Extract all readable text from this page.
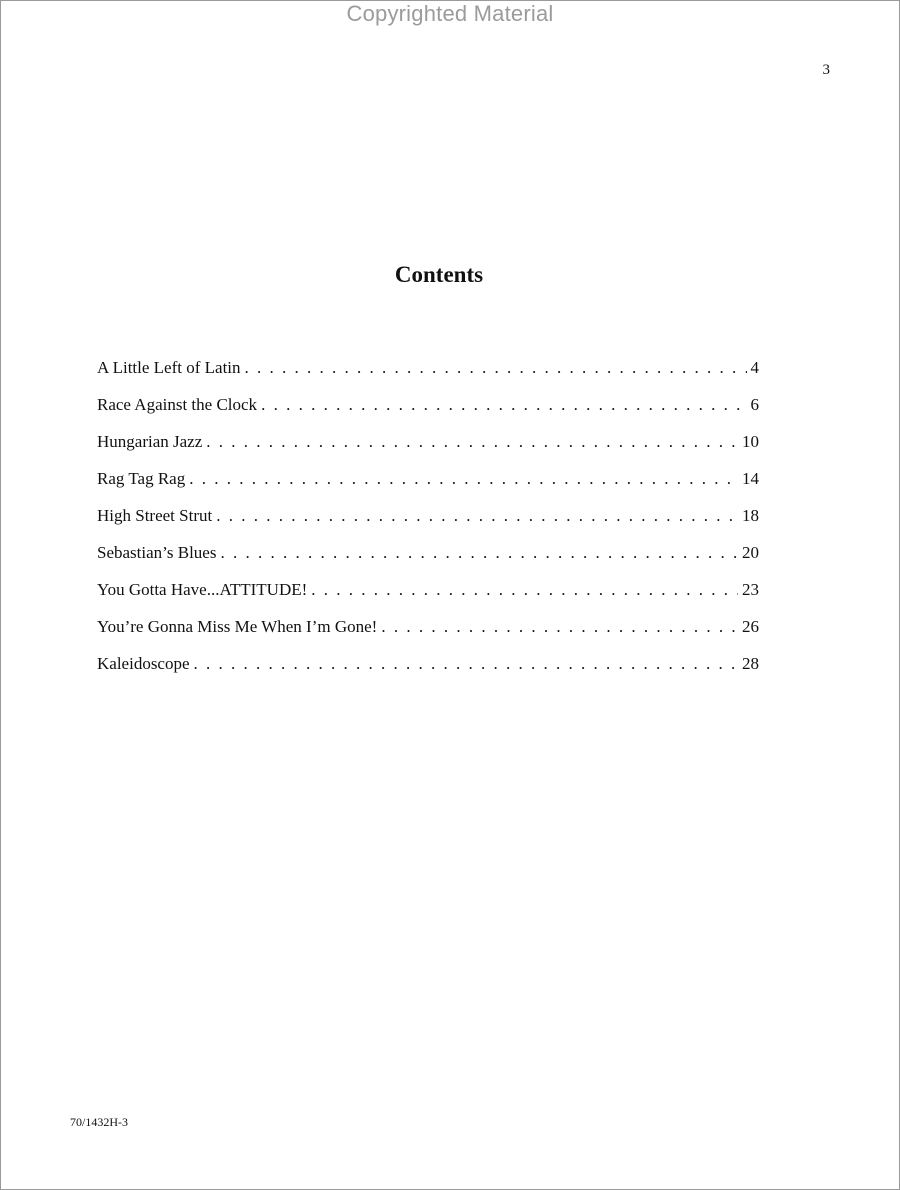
Copyrighted Material
3
Contents
A Little Left of Latin . . .	4
Race Against the Clock . . .	6
Hungarian Jazz . . .	10
Rag Tag Rag . . .	14
High Street Strut . . .	18
Sebastian’s Blues . . .	20
You Gotta Have...ATTITUDE! . . .	23
You’re Gonna Miss Me When I’m Gone! . . .	26
Kaleidoscope . . .	28
70/1432H-3
